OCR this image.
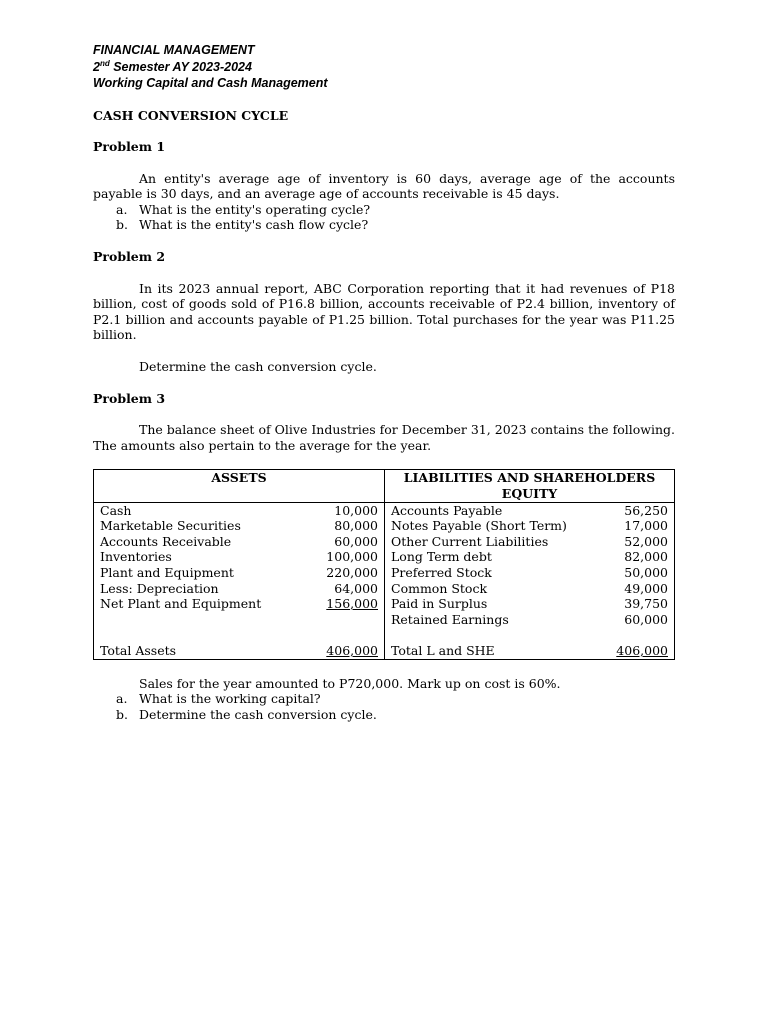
FINANCIAL MANAGEMENT
2nd Semester AY 2023-2024
Working Capital and Cash Management
CASH CONVERSION CYCLE
Problem 1
An entity's average age of inventory is 60 days, average age of the accounts payable is 30 days, and an average age of accounts receivable is 45 days.
a. What is the entity's operating cycle?
b. What is the entity's cash flow cycle?
Problem 2
In its 2023 annual report, ABC Corporation reporting that it had revenues of P18 billion, cost of goods sold of P16.8 billion, accounts receivable of P2.4 billion, inventory of P2.1 billion and accounts payable of P1.25 billion. Total purchases for the year was P11.25 billion.
Determine the cash conversion cycle.
Problem 3
The balance sheet of Olive Industries for December 31, 2023 contains the following. The amounts also pertain to the average for the year.
ASSETS		LIABILITIES AND SHAREHOLDERS EQUITY	
Cash	10,000	Accounts Payable	56,250
Marketable Securities	80,000	Notes Payable (Short Term)	17,000
Accounts Receivable	60,000	Other Current Liabilities	52,000
Inventories	100,000	Long Term debt	82,000
Plant and Equipment	220,000	Preferred Stock	50,000
Less: Depreciation	64,000	Common Stock	49,000
Net Plant and Equipment	156,000	Paid in Surplus	39,750
		Retained Earnings	60,000

Total Assets	406,000	Total L and SHE	406,000
Sales for the year amounted to P720,000. Mark up on cost is 60%.
a. What is the working capital?
b. Determine the cash conversion cycle.
